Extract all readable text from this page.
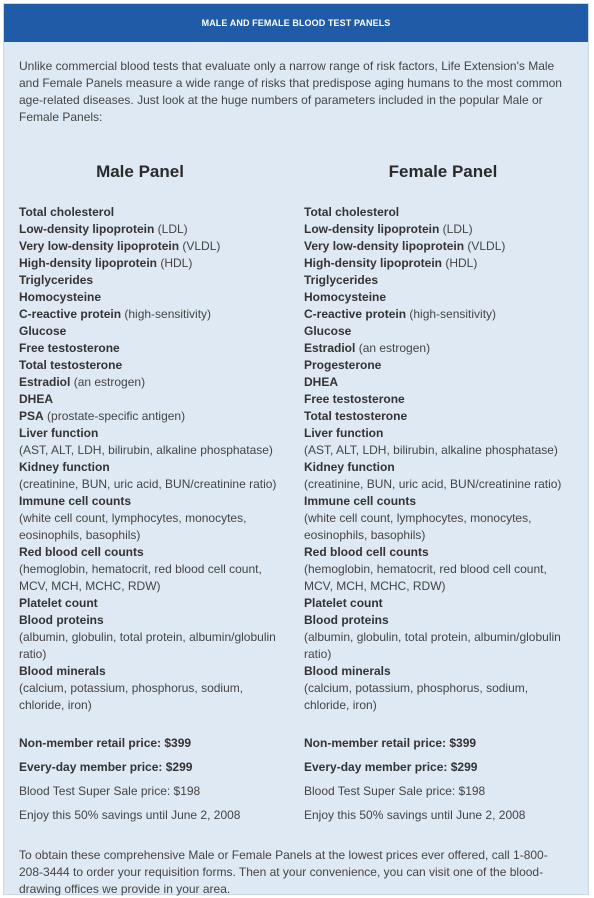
MALE AND FEMALE BLOOD TEST PANELS
Unlike commercial blood tests that evaluate only a narrow range of risk factors, Life Extension's Male and Female Panels measure a wide range of risks that predispose aging humans to the most common age-related diseases. Just look at the huge numbers of parameters included in the popular Male or Female Panels:
Male Panel
Total cholesterol
Low-density lipoprotein (LDL)
Very low-density lipoprotein (VLDL)
High-density lipoprotein (HDL)
Triglycerides
Homocysteine
C-reactive protein (high-sensitivity)
Glucose
Free testosterone
Total testosterone
Estradiol (an estrogen)
DHEA
PSA (prostate-specific antigen)
Liver function
(AST, ALT, LDH, bilirubin, alkaline phosphatase)
Kidney function
(creatinine, BUN, uric acid, BUN/creatinine ratio)
Immune cell counts
(white cell count, lymphocytes, monocytes, eosinophils, basophils)
Red blood cell counts
(hemoglobin, hematocrit, red blood cell count, MCV, MCH, MCHC, RDW)
Platelet count
Blood proteins
(albumin, globulin, total protein, albumin/globulin ratio)
Blood minerals
(calcium, potassium, phosphorus, sodium, chloride, iron)
Non-member retail price: $399
Every-day member price: $299
Blood Test Super Sale price: $198
Enjoy this 50% savings until June 2, 2008
Female Panel
Total cholesterol
Low-density lipoprotein (LDL)
Very low-density lipoprotein (VLDL)
High-density lipoprotein (HDL)
Triglycerides
Homocysteine
C-reactive protein (high-sensitivity)
Glucose
Estradiol (an estrogen)
Progesterone
DHEA
Free testosterone
Total testosterone
Liver function
(AST, ALT, LDH, bilirubin, alkaline phosphatase)
Kidney function
(creatinine, BUN, uric acid, BUN/creatinine ratio)
Immune cell counts
(white cell count, lymphocytes, monocytes, eosinophils, basophils)
Red blood cell counts
(hemoglobin, hematocrit, red blood cell count, MCV, MCH, MCHC, RDW)
Platelet count
Blood proteins
(albumin, globulin, total protein, albumin/globulin ratio)
Blood minerals
(calcium, potassium, phosphorus, sodium, chloride, iron)
Non-member retail price: $399
Every-day member price: $299
Blood Test Super Sale price: $198
Enjoy this 50% savings until June 2, 2008
To obtain these comprehensive Male or Female Panels at the lowest prices ever offered, call 1-800-208-3444 to order your requisition forms. Then at your convenience, you can visit one of the blood-drawing offices we provide in your area.
